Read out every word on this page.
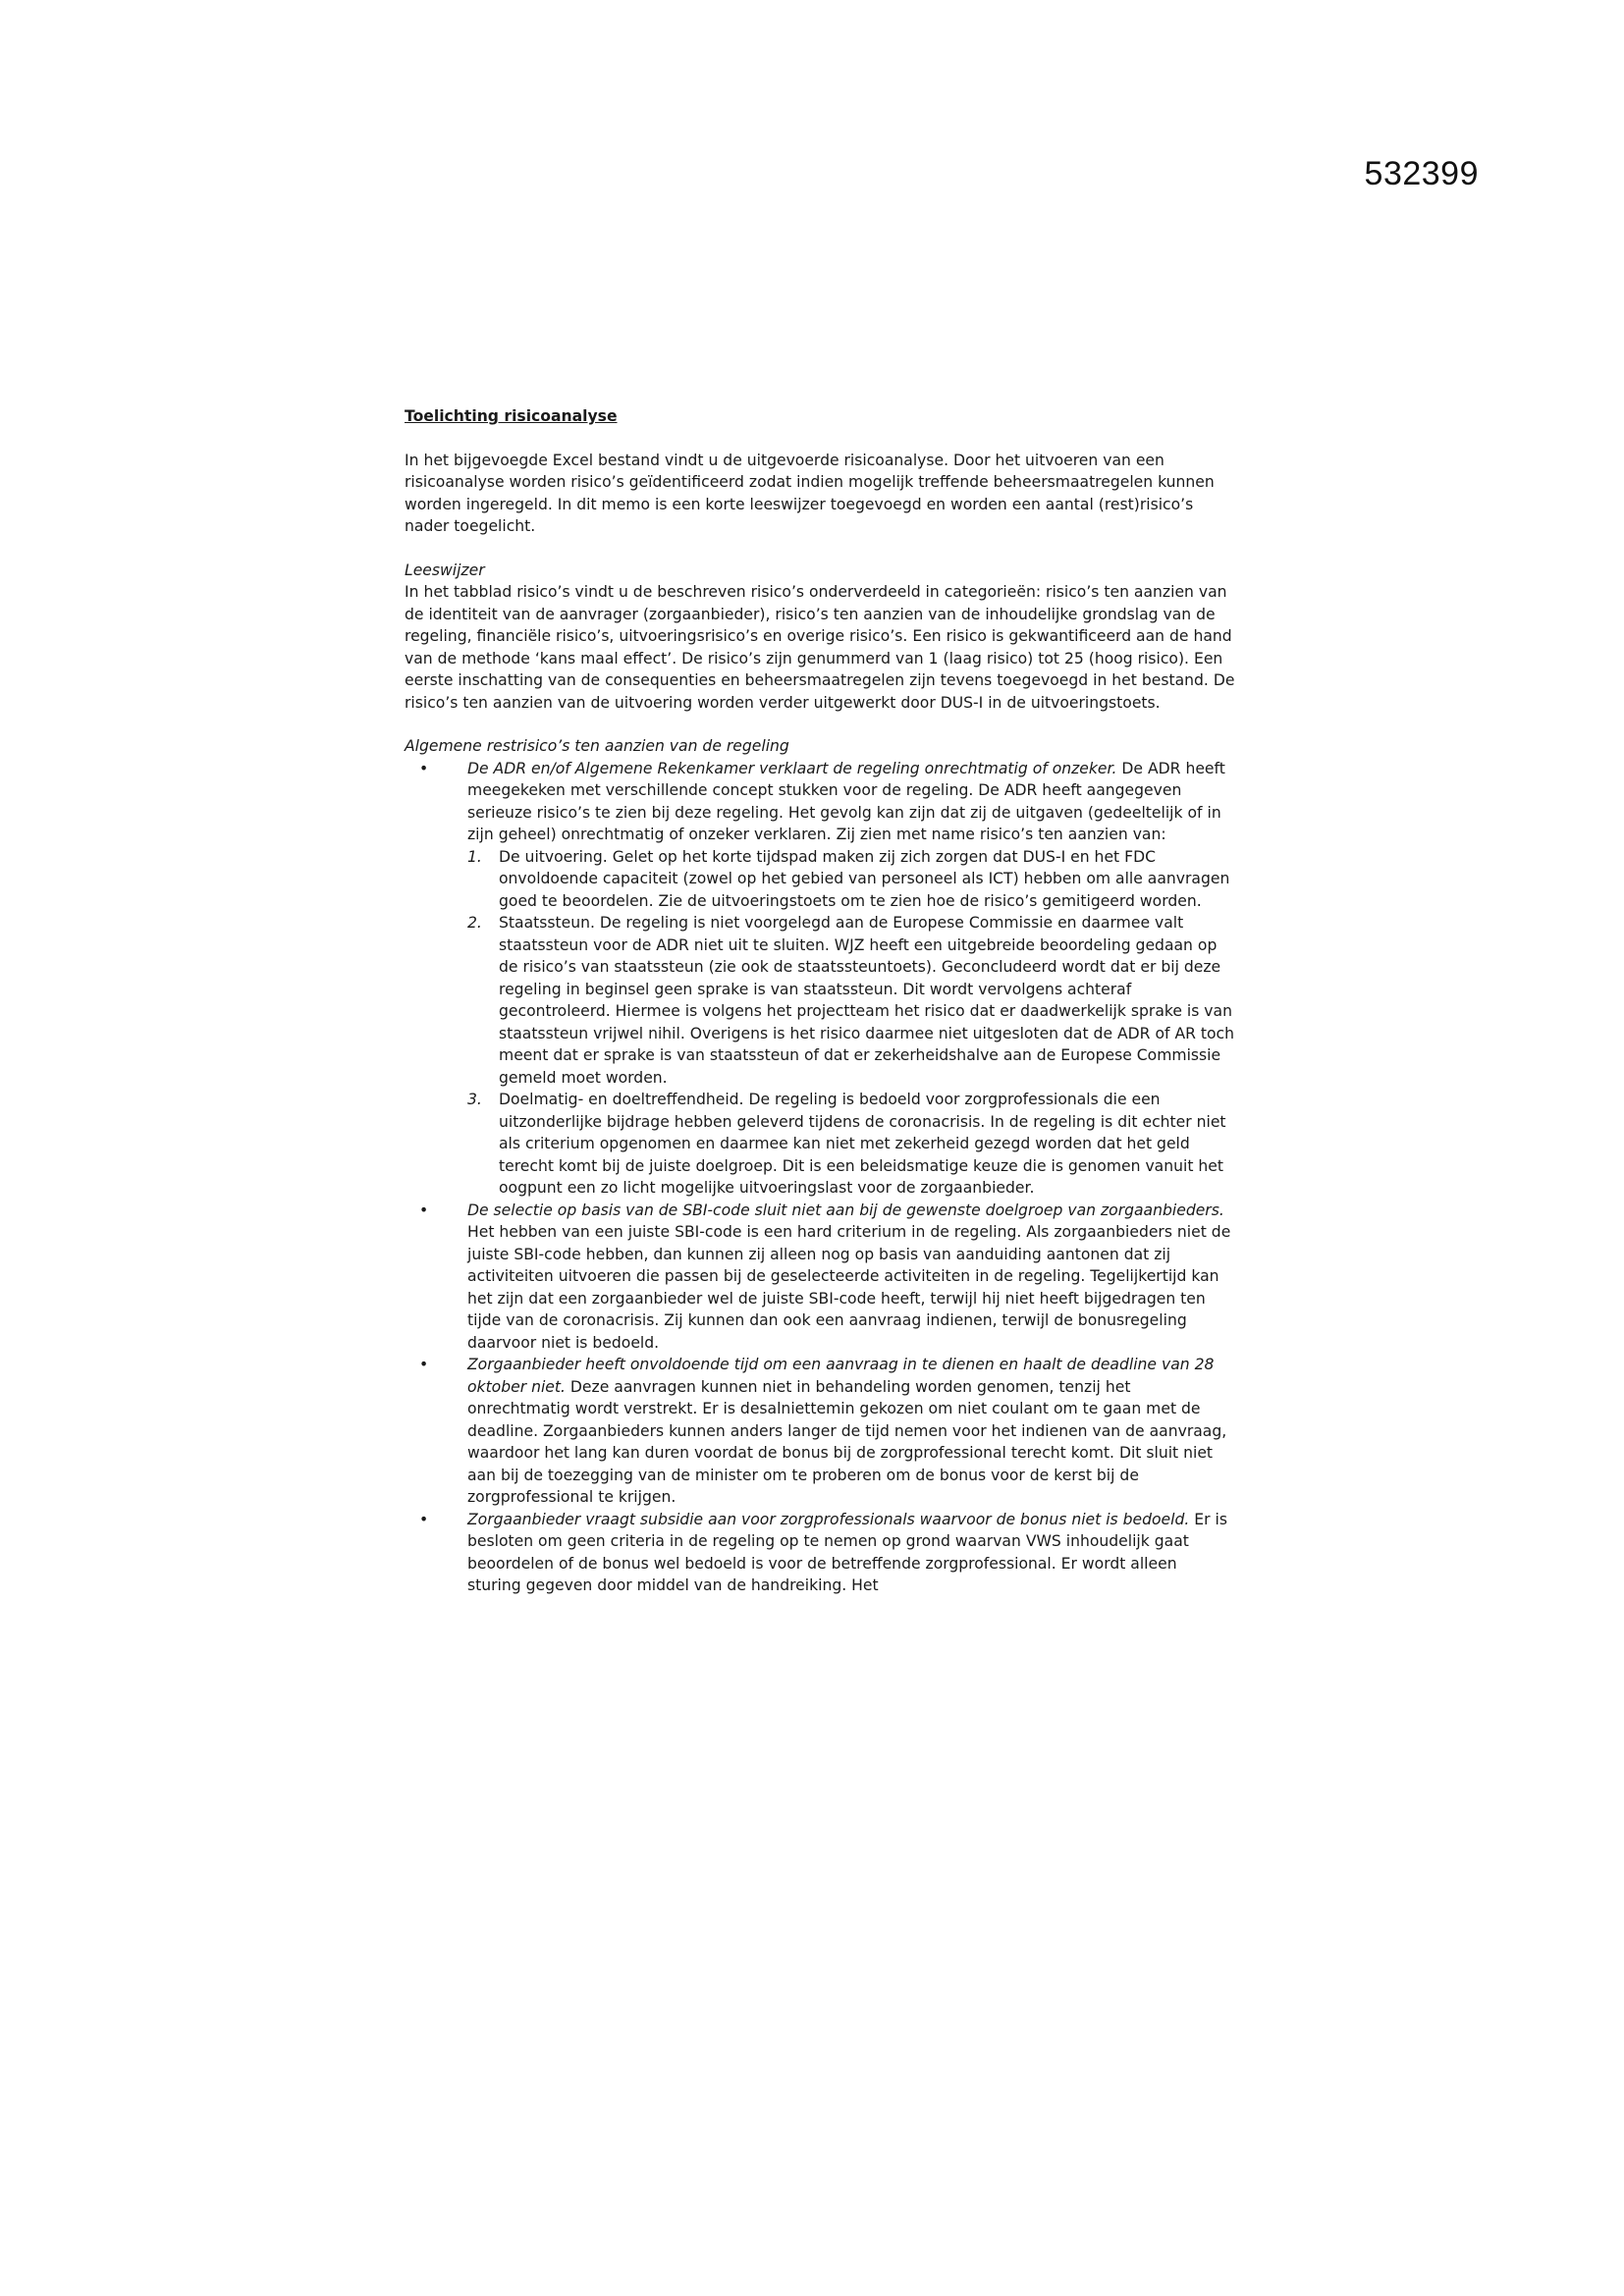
532399

Toelichting risicoanalyse

In het bijgevoegde Excel bestand vindt u de uitgevoerde risicoanalyse. Door het uitvoeren van een risicoanalyse worden risico’s geïdentificeerd zodat indien mogelijk treffende beheersmaatregelen kunnen worden ingeregeld. In dit memo is een korte leeswijzer toegevoegd en worden een aantal (rest)risico’s nader toegelicht.

Leeswijzer

In het tabblad risico’s vindt u de beschreven risico’s onderverdeeld in categorieën: risico’s ten aanzien van de identiteit van de aanvrager (zorgaanbieder), risico’s ten aanzien van de inhoudelijke grondslag van de regeling, financiële risico’s, uitvoeringsrisico’s en overige risico’s. Een risico is gekwantificeerd aan de hand van de methode ‘kans maal effect’. De risico’s zijn genummerd van 1 (laag risico) tot 25 (hoog risico). Een eerste inschatting van de consequenties en beheersmaatregelen zijn tevens toegevoegd in het bestand. De risico’s ten aanzien van de uitvoering worden verder uitgewerkt door DUS-I in de uitvoeringstoets.

Algemene restrisico’s ten aanzien van de regeling

• De ADR en/of Algemene Rekenkamer verklaart de regeling onrechtmatig of onzeker. De ADR heeft meegekeken met verschillende concept stukken voor de regeling. De ADR heeft aangegeven serieuze risico’s te zien bij deze regeling. Het gevolg kan zijn dat zij de uitgaven (gedeeltelijk of in zijn geheel) onrechtmatig of onzeker verklaren. Zij zien met name risico’s ten aanzien van:
1. De uitvoering. Gelet op het korte tijdspad maken zij zich zorgen dat DUS-I en het FDC onvoldoende capaciteit (zowel op het gebied van personeel als ICT) hebben om alle aanvragen goed te beoordelen. Zie de uitvoeringstoets om te zien hoe de risico’s gemitigeerd worden.
2. Staatssteun. De regeling is niet voorgelegd aan de Europese Commissie en daarmee valt staatssteun voor de ADR niet uit te sluiten. WJZ heeft een uitgebreide beoordeling gedaan op de risico’s van staatssteun (zie ook de staatssteuntoets). Geconcludeerd wordt dat er bij deze regeling in beginsel geen sprake is van staatssteun. Dit wordt vervolgens achteraf gecontroleerd. Hiermee is volgens het projectteam het risico dat er daadwerkelijk sprake is van staatssteun vrijwel nihil. Overigens is het risico daarmee niet uitgesloten dat de ADR of AR toch meent dat er sprake is van staatssteun of dat er zekerheidshalve aan de Europese Commissie gemeld moet worden.
3. Doelmatig- en doeltreffendheid. De regeling is bedoeld voor zorgprofessionals die een uitzonderlijke bijdrage hebben geleverd tijdens de coronacrisis. In de regeling is dit echter niet als criterium opgenomen en daarmee kan niet met zekerheid gezegd worden dat het geld terecht komt bij de juiste doelgroep. Dit is een beleidsmatige keuze die is genomen vanuit het oogpunt een zo licht mogelijke uitvoeringslast voor de zorgaanbieder.
• De selectie op basis van de SBI-code sluit niet aan bij de gewenste doelgroep van zorgaanbieders. Het hebben van een juiste SBI-code is een hard criterium in de regeling. Als zorgaanbieders niet de juiste SBI-code hebben, dan kunnen zij alleen nog op basis van aanduiding aantonen dat zij activiteiten uitvoeren die passen bij de geselecteerde activiteiten in de regeling. Tegelijkertijd kan het zijn dat een zorgaanbieder wel de juiste SBI-code heeft, terwijl hij niet heeft bijgedragen ten tijde van de coronacrisis. Zij kunnen dan ook een aanvraag indienen, terwijl de bonusregeling daarvoor niet is bedoeld.
• Zorgaanbieder heeft onvoldoende tijd om een aanvraag in te dienen en haalt de deadline van 28 oktober niet. Deze aanvragen kunnen niet in behandeling worden genomen, tenzij het onrechtmatig wordt verstrekt. Er is desalniettemin gekozen om niet coulant om te gaan met de deadline. Zorgaanbieders kunnen anders langer de tijd nemen voor het indienen van de aanvraag, waardoor het lang kan duren voordat de bonus bij de zorgprofessional terecht komt. Dit sluit niet aan bij de toezegging van de minister om te proberen om de bonus voor de kerst bij de zorgprofessional te krijgen.
• Zorgaanbieder vraagt subsidie aan voor zorgprofessionals waarvoor de bonus niet is bedoeld. Er is besloten om geen criteria in de regeling op te nemen op grond waarvan VWS inhoudelijk gaat beoordelen of de bonus wel bedoeld is voor de betreffende zorgprofessional. Er wordt alleen sturing gegeven door middel van de handreiking. Het
